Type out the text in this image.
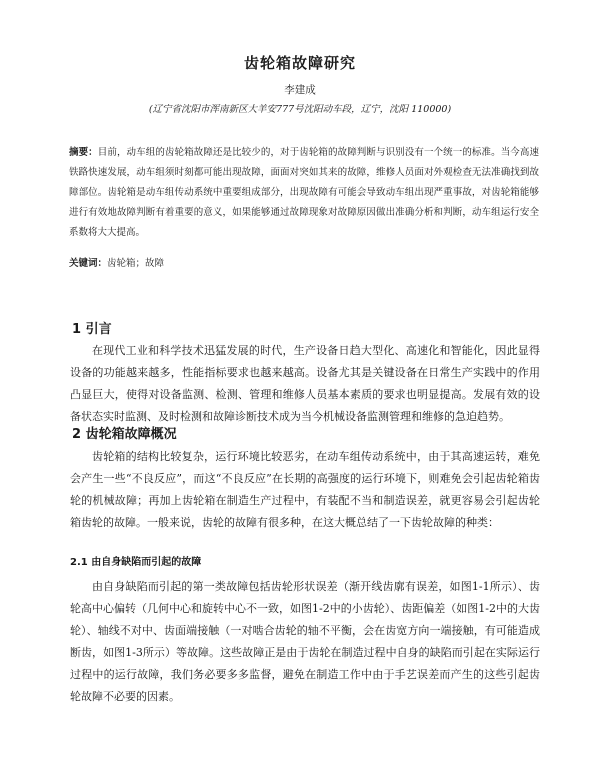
齿轮箱故障研究
李建成
(辽宁省沈阳市浑南新区大羊安777号沈阳动车段，辽宁，沈阳 110000)

摘要：目前，动车组的齿轮箱故障还是比较少的，对于齿轮箱的故障判断与识别没有一个统一的标准。当今高速铁路快速发展，动车组须时刻都可能出现故障，面面对突如其来的故障，维修人员面对外观检查无法准确找到故障部位。齿轮箱是动车组传动系统中重要组成部分，出现故障有可能会导致动车组出现严重事故，对齿轮箱能够进行有效地故障判断有着重要的意义，如果能够通过故障现象对故障原因做出准确分析和判断，动车组运行安全系数将大大提高。

关键词：齿轮箱；故障

1 引言

在现代工业和科学技术迅猛发展的时代，生产设备日趋大型化、高速化和智能化，因此显得设备的功能越来越多，性能指标要求也越来越高。设备尤其是关键设备在日常生产实践中的作用凸显巨大，使得对设备监测、检测、管理和维修人员基本素质的要求也明显提高。发展有效的设备状态实时监测、及时检测和故障诊断技术成为当今机械设备监测管理和维修的急迫趋势。

2 齿轮箱故障概况

齿轮箱的结构比较复杂，运行环境比较恶劣，在动车组传动系统中，由于其高速运转，难免会产生一些“不良反应”，而这“不良反应”在长期的高强度的运行环境下，则难免会引起齿轮箱齿轮的机械故障；再加上齿轮箱在制造生产过程中，有装配不当和制造误差，就更容易会引起齿轮箱齿轮的故障。一般来说，齿轮的故障有很多种，在这大概总结了一下齿轮故障的种类：

2.1 由自身缺陷而引起的故障

由自身缺陷而引起的第一类故障包括齿轮形状误差（渐开线齿廓有误差，如图1-1所示）、齿轮高中心偏转（几何中心和旋转中心不一致，如图1-2中的小齿轮）、齿距偏差（如图1-2中的大齿轮）、轴线不对中、齿面端接触（一对啮合齿轮的轴不平衡，会在齿宽方向一端接触，有可能造成断齿，如图1-3所示）等故障。这些故障正是由于齿轮在制造过程中自身的缺陷而引起在实际运行过程中的运行故障，我们务必要多多监督，避免在制造工作中由于手艺误差而产生的这些引起齿轮故障不必要的因素。
